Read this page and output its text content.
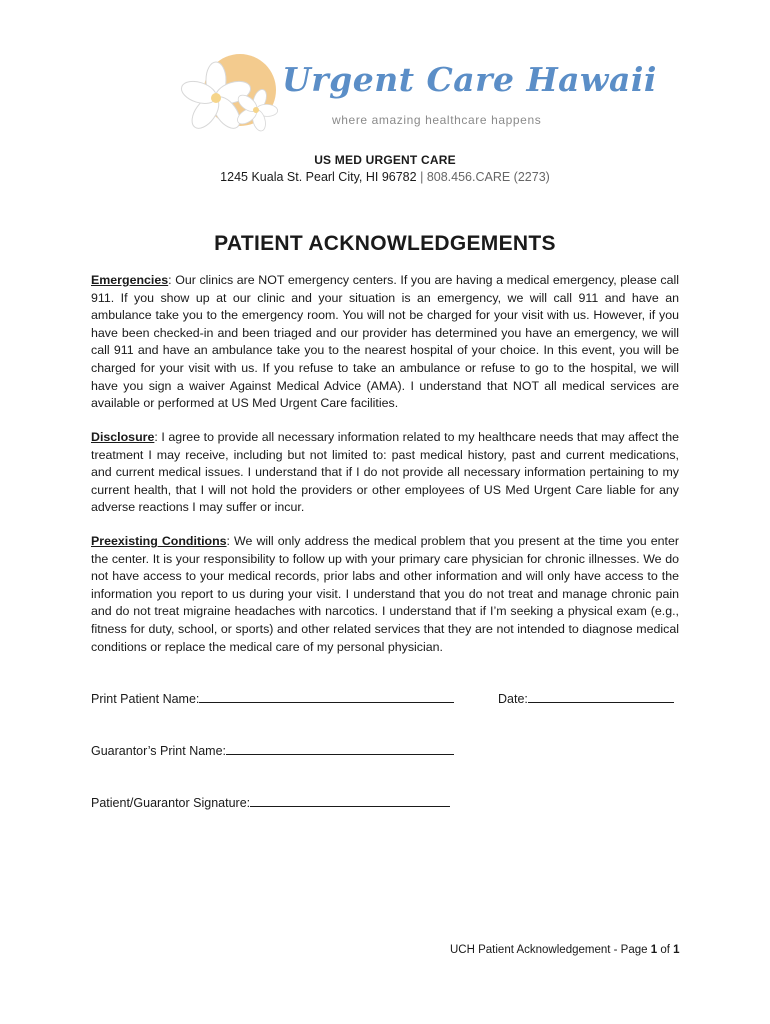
Urgent Care Hawaii
where amazing healthcare happens
US MED URGENT CARE
1245 Kuala St. Pearl City, HI 96782 | 808.456.CARE (2273)
PATIENT ACKNOWLEDGEMENTS
Emergencies: Our clinics are NOT emergency centers. If you are having a medical emergency, please call 911. If you show up at our clinic and your situation is an emergency, we will call 911 and have an ambulance take you to the emergency room. You will not be charged for your visit with us. However, if you have been checked-in and been triaged and our provider has determined you have an emergency, we will call 911 and have an ambulance take you to the nearest hospital of your choice. In this event, you will be charged for your visit with us. If you refuse to take an ambulance or refuse to go to the hospital, we will have you sign a waiver Against Medical Advice (AMA). I understand that NOT all medical services are available or performed at US Med Urgent Care facilities.
Disclosure: I agree to provide all necessary information related to my healthcare needs that may affect the treatment I may receive, including but not limited to: past medical history, past and current medications, and current medical issues. I understand that if I do not provide all necessary information pertaining to my current health, that I will not hold the providers or other employees of US Med Urgent Care liable for any adverse reactions I may suffer or incur.
Preexisting Conditions: We will only address the medical problem that you present at the time you enter the center. It is your responsibility to follow up with your primary care physician for chronic illnesses. We do not have access to your medical records, prior labs and other information and will only have access to the information you report to us during your visit. I understand that you do not treat and manage chronic pain and do not treat migraine headaches with narcotics. I understand that if I’m seeking a physical exam (e.g., fitness for duty, school, or sports) and other related services that they are not intended to diagnose medical conditions or replace the medical care of my personal physician.
Print Patient Name:	Date:
Guarantor’s Print Name:
Patient/Guarantor Signature:
UCH Patient Acknowledgement - Page 1 of 1
